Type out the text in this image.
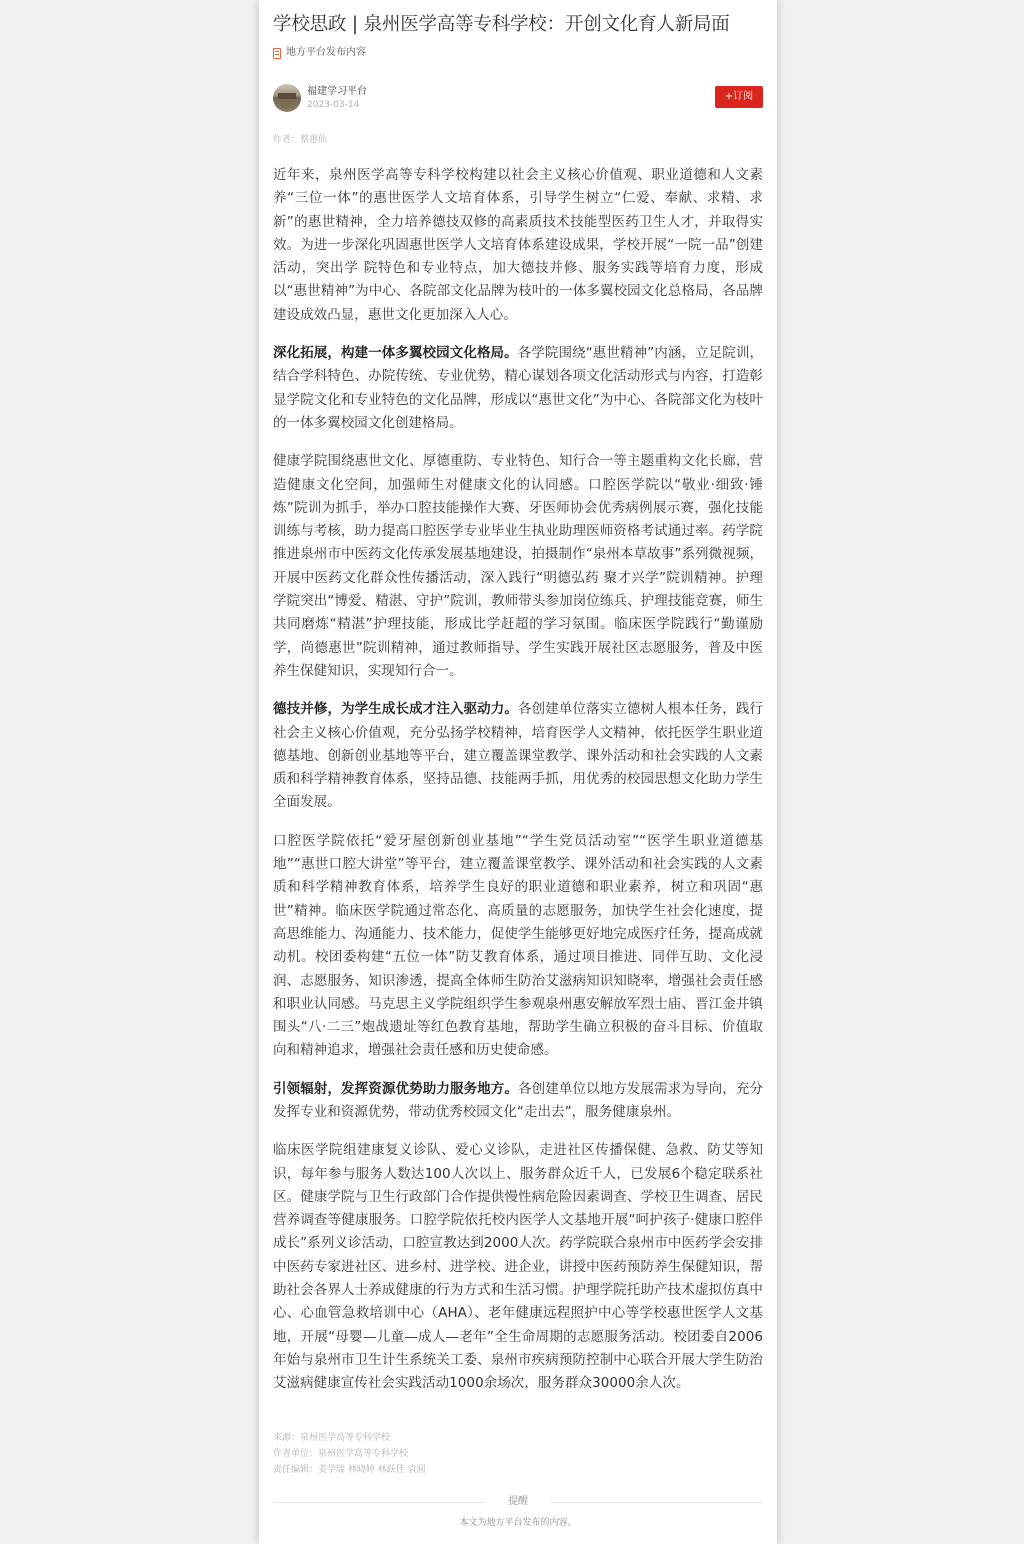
学校思政 | 泉州医学高等专科学校：开创文化育人新局面
地方平台发布内容
福建学习平台
2023-03-14
+订阅
作者：蔡惠仙

近年来，泉州医学高等专科学校构建以社会主义核心价值观、职业道德和人文素养“三位一体”的惠世医学人文培育体系，引导学生树立“仁爱、奉献、求精、求新”的惠世精神，全力培养德技双修的高素质技术技能型医药卫生人才，并取得实效。为进一步深化巩固惠世医学人文培育体系建设成果，学校开展“一院一品”创建活动，突出学 院特色和专业特点，加大德技并修、服务实践等培育力度，形成以“惠世精神”为中心、各院部文化品牌为枝叶的一体多翼校园文化总格局，各品牌建设成效凸显，惠世文化更加深入人心。

深化拓展，构建一体多翼校园文化格局。各学院围绕“惠世精神”内涵，立足院训，结合学科特色、办院传统、专业优势，精心谋划各项文化活动形式与内容，打造彰显学院文化和专业特色的文化品牌，形成以“惠世文化”为中心、各院部文化为枝叶的一体多翼校园文化创建格局。

健康学院围绕惠世文化、厚德重防、专业特色、知行合一等主题重构文化长廊，营造健康文化空间，加强师生对健康文化的认同感。口腔医学院以“敬业·细致·锤炼”院训为抓手，举办口腔技能操作大赛、牙医师协会优秀病例展示赛，强化技能训练与考核，助力提高口腔医学专业毕业生执业助理医师资格考试通过率。药学院推进泉州市中医药文化传承发展基地建设，拍摄制作“泉州本草故事”系列微视频，开展中医药文化群众性传播活动，深入践行“明德弘药 聚才兴学”院训精神。护理学院突出“博爱、精湛、守护”院训，教师带头参加岗位练兵、护理技能竞赛，师生共同磨炼“精湛”护理技能，形成比学赶超的学习氛围。临床医学院践行“勤谨励学，尚德惠世”院训精神，通过教师指导、学生实践开展社区志愿服务，普及中医养生保健知识，实现知行合一。

德技并修，为学生成长成才注入驱动力。各创建单位落实立德树人根本任务，践行社会主义核心价值观，充分弘扬学校精神，培育医学人文精神，依托医学生职业道德基地、创新创业基地等平台，建立覆盖课堂教学、课外活动和社会实践的人文素质和科学精神教育体系，坚持品德、技能两手抓，用优秀的校园思想文化助力学生全面发展。

口腔医学院依托“爱牙屋创新创业基地”“学生党员活动室”“医学生职业道德基地”“惠世口腔大讲堂”等平台，建立覆盖课堂教学、课外活动和社会实践的人文素质和科学精神教育体系，培养学生良好的职业道德和职业素养，树立和巩固“惠世”精神。临床医学院通过常态化、高质量的志愿服务，加快学生社会化速度，提高思维能力、沟通能力、技术能力，促使学生能够更好地完成医疗任务，提高成就动机。校团委构建“五位一体”防艾教育体系，通过项目推进、同伴互助、文化浸润、志愿服务、知识渗透，提高全体师生防治艾滋病知识知晓率，增强社会责任感和职业认同感。马克思主义学院组织学生参观泉州惠安解放军烈士庙、晋江金井镇围头“八·二三”炮战遗址等红色教育基地，帮助学生确立积极的奋斗目标、价值取向和精神追求，增强社会责任感和历史使命感。

引领辐射，发挥资源优势助力服务地方。各创建单位以地方发展需求为导向，充分发挥专业和资源优势，带动优秀校园文化“走出去”，服务健康泉州。

临床医学院组建康复义诊队、爱心义诊队，走进社区传播保健、急救、防艾等知识，每年参与服务人数达100人次以上、服务群众近千人，已发展6个稳定联系社区。健康学院与卫生行政部门合作提供慢性病危险因素调查、学校卫生调查、居民营养调查等健康服务。口腔学院依托校内医学人文基地开展“呵护孩子·健康口腔伴成长”系列义诊活动，口腔宣教达到2000人次。药学院联合泉州市中医药学会安排中医药专家进社区、进乡村、进学校、进企业，讲授中医药预防养生保健知识，帮助社会各界人士养成健康的行为方式和生活习惯。护理学院托助产技术虚拟仿真中心、心血管急救培训中心（AHA）、老年健康远程照护中心等学校惠世医学人文基地，开展“母婴—儿童—成人—老年”全生命周期的志愿服务活动。校团委自2006年始与泉州市卫生计生系统关工委、泉州市疾病预防控制中心联合开展大学生防治艾滋病健康宣传社会实践活动1000余场次，服务群众30000余人次。

来源：泉州医学高等专科学校
作者单位：泉州医学高等专科学校
责任编辑：姜学瑞 林晓婷 林跃佳 袁圆
提醒
本文为地方平台发布的内容。
